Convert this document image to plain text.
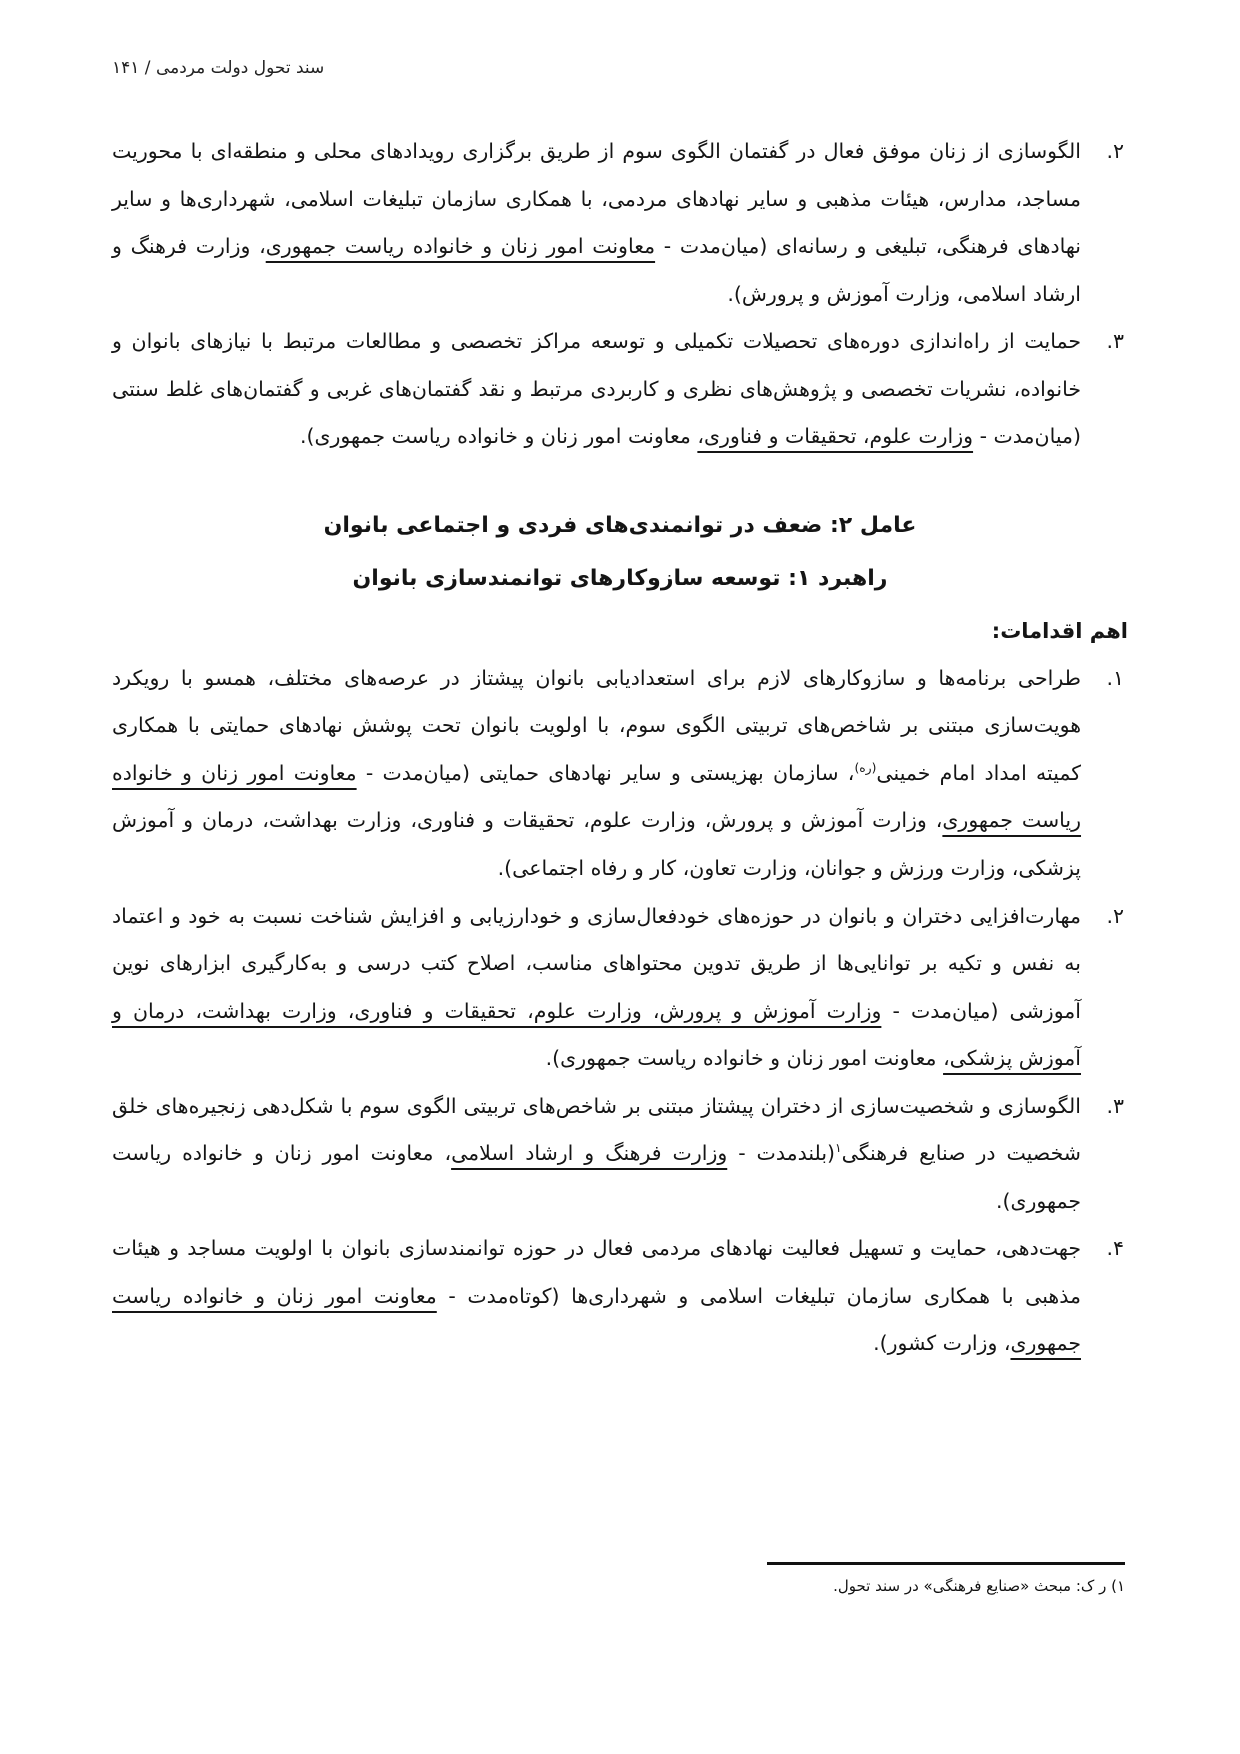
سند تحول دولت مردمی / ۱۴۱
۲.
الگوسازی از زنان موفق فعال در گفتمان الگوی سوم از طریق برگزاری رویدادهای محلی و منطقه‌ای با محوریت مساجد، مدارس، هیئات مذهبی و سایر نهادهای مردمی، با همکاری سازمان تبلیغات اسلامی، شهرداری‌ها و سایر نهادهای فرهنگی، تبلیغی و رسانه‌ای (میان‌مدت - معاونت امور زنان و خانواده ریاست جمهوری، وزارت فرهنگ و ارشاد اسلامی، وزارت آموزش و پرورش).
۳.
حمایت از راه‌اندازی دوره‌های تحصیلات تکمیلی و توسعه مراکز تخصصی و مطالعات مرتبط با نیازهای بانوان و خانواده، نشریات تخصصی و پژوهش‌های نظری و کاربردی مرتبط و نقد گفتمان‌های غربی و گفتمان‌های غلط سنتی (میان‌مدت - وزارت علوم، تحقیقات و فناوری، معاونت امور زنان و خانواده ریاست جمهوری).
عامل ۲: ضعف در توانمندی‌های فردی و اجتماعی بانوان
راهبرد ۱: توسعه سازوکارهای توانمندسازی بانوان
اهم اقدامات:
۱.
طراحی برنامه‌ها و سازوکارهای لازم برای استعدادیابی بانوان پیشتاز در عرصه‌های مختلف، همسو با رویکرد هویت‌سازی مبتنی بر شاخص‌های تربیتی الگوی سوم، با اولویت بانوان تحت پوشش نهادهای حمایتی با همکاری کمیته امداد امام خمینی$^{(ره)}$، سازمان بهزیستی و سایر نهادهای حمایتی (میان‌مدت - معاونت امور زنان و خانواده ریاست جمهوری، وزارت آموزش و پرورش، وزارت علوم، تحقیقات و فناوری، وزارت بهداشت، درمان و آموزش پزشکی، وزارت ورزش و جوانان، وزارت تعاون، کار و رفاه اجتماعی).
۲.
مهارت‌افزایی دختران و بانوان در حوزه‌های خودفعال‌سازی و خودارزیابی و افزایش شناخت نسبت به خود و اعتماد به نفس و تکیه بر توانایی‌ها از طریق تدوین محتواهای مناسب، اصلاح کتب درسی و به‌کارگیری ابزارهای نوین آموزشی (میان‌مدت - وزارت آموزش و پرورش، وزارت علوم، تحقیقات و فناوری، وزارت بهداشت، درمان و آموزش پزشکی، معاونت امور زنان و خانواده ریاست جمهوری).
۳.
الگوسازی و شخصیت‌سازی از دختران پیشتاز مبتنی بر شاخص‌های تربیتی الگوی سوم با شکل‌دهی زنجیره‌های خلق شخصیت در صنایع فرهنگی$^۱$(بلندمدت - وزارت فرهنگ و ارشاد اسلامی، معاونت امور زنان و خانواده ریاست جمهوری).
۴.
جهت‌دهی، حمایت و تسهیل فعالیت نهادهای مردمی فعال در حوزه توانمندسازی بانوان با اولویت مساجد و هیئات مذهبی با همکاری سازمان تبلیغات اسلامی و شهرداری‌ها (کوتاه‌مدت - معاونت امور زنان و خانواده ریاست جمهوری، وزارت کشور).
۱) ر ک: مبحث «صنایع فرهنگی» در سند تحول.
